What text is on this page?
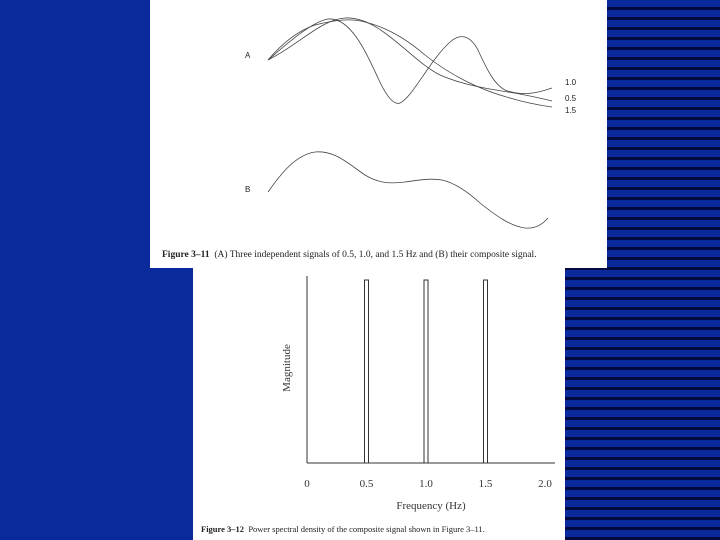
A
1.0
0.5
1.5
B
Figure 3–11 (A) Three independent signals of 0.5, 1.0, and 1.5 Hz and (B) their composite signal.
Magnitude
Frequency (Hz)
0	0.5	1.0	1.5	2.0
Figure 3–12 Power spectral density of the composite signal shown in Figure 3–11.
